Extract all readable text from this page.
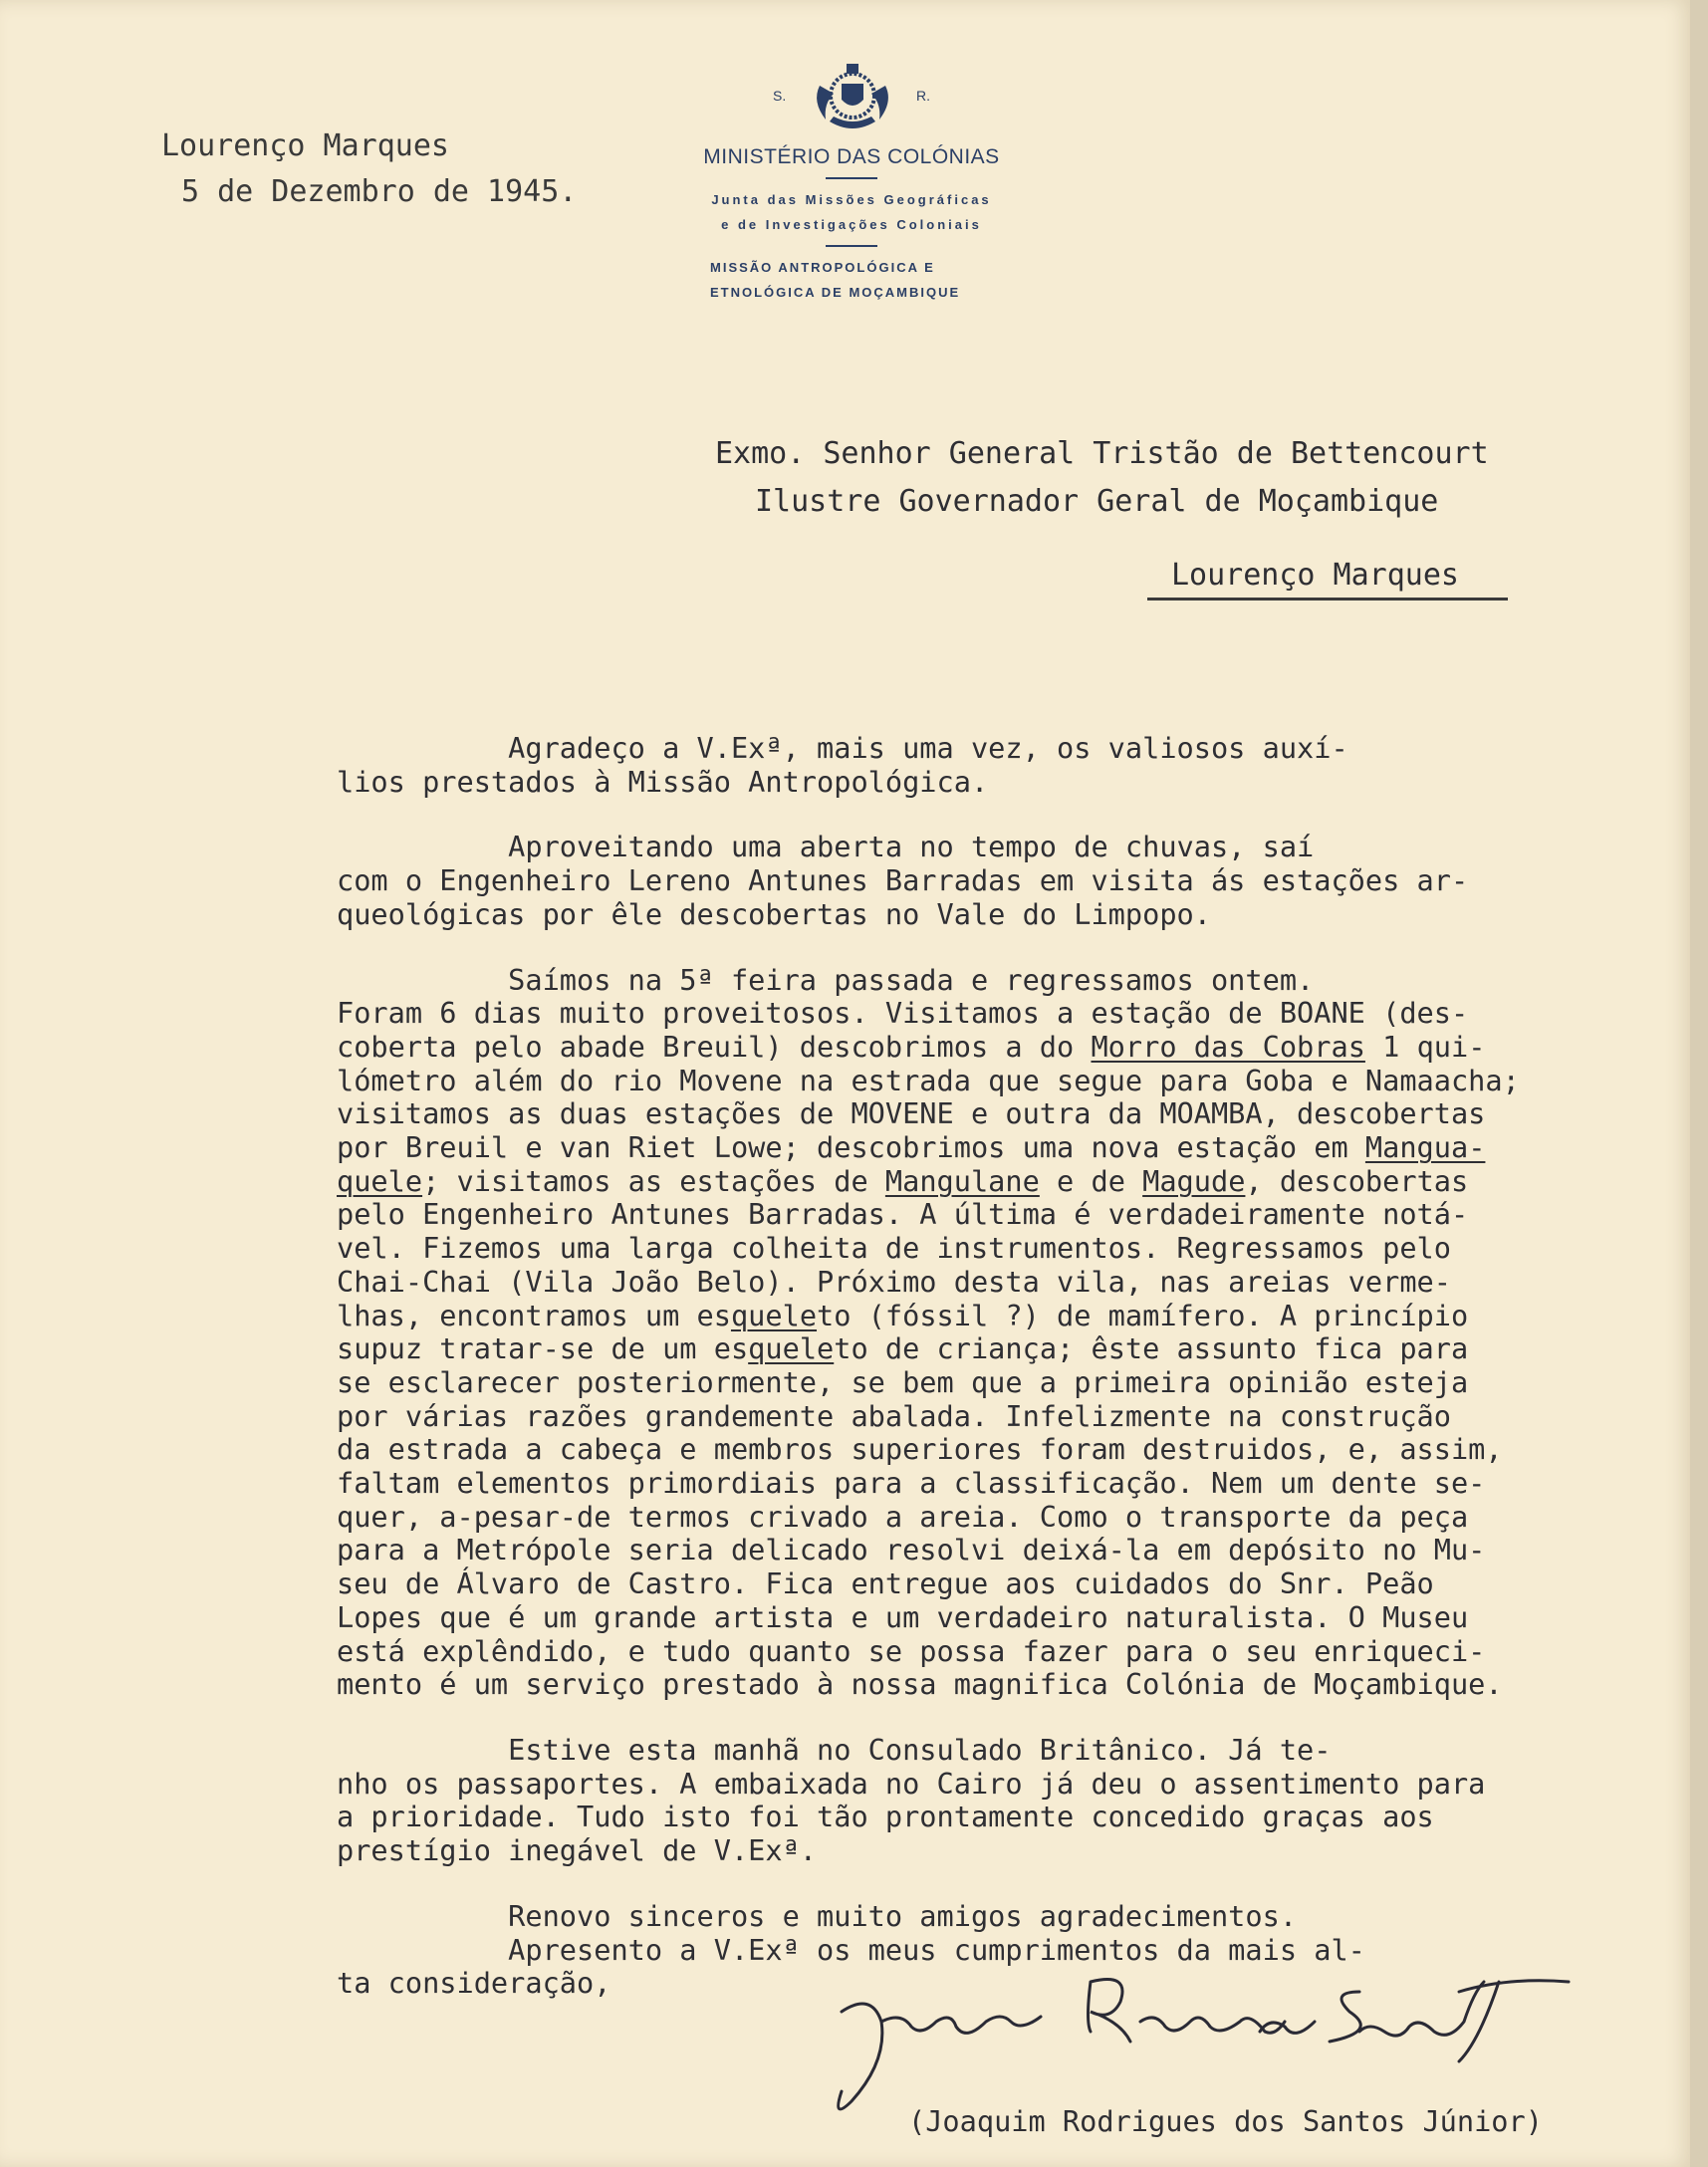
Lourenço Marques
5 de Dezembro de 1945.
S.	R.
MINISTÉRIO DAS COLÓNIAS
Junta das Missões Geográficas
e de Investigações Coloniais
MISSÃO ANTROPOLÓGICA E
ETNOLÓGICA DE MOÇAMBIQUE
Exmo. Senhor General Tristão de Bettencourt
Ilustre Governador Geral de Moçambique
Lourenço Marques

Agradeço a V.Exª, mais uma vez, os valiosos auxí-
lios prestados à Missão Antropológica.

Aproveitando uma aberta no tempo de chuvas, saí
com o Engenheiro Lereno Antunes Barradas em visita ás estações ar-
queológicas por êle descobertas no Vale do Limpopo.

Saímos na 5ª feira passada e regressamos ontem.
Foram 6 dias muito proveitosos. Visitamos a estação de BOANE (des-
coberta pelo abade Breuil) descobrimos a do Morro das Cobras 1 qui-
lómetro além do rio Movene na estrada que segue para Goba e Namaacha;
visitamos as duas estações de MOVENE e outra da MOAMBA, descobertas
por Breuil e van Riet Lowe; descobrimos uma nova estação em Mangua-
quele; visitamos as estações de Mangulane e de Magude, descobertas
pelo Engenheiro Antunes Barradas. A última é verdadeiramente notá-
vel. Fizemos uma larga colheita de instrumentos. Regressamos pelo
Chai-Chai (Vila João Belo). Próximo desta vila, nas areias verme-
lhas, encontramos um esqueleto (fóssil ?) de mamífero. A princípio
supuz tratar-se de um esqueleto de criança; êste assunto fica para
se esclarecer posteriormente, se bem que a primeira opinião esteja
por várias razões grandemente abalada. Infelizmente na construção
da estrada a cabeça e membros superiores foram destruidos, e, assim,
faltam elementos primordiais para a classificação. Nem um dente se-
quer, a-pesar-de termos crivado a areia. Como o transporte da peça
para a Metrópole seria delicado resolvi deixá-la em depósito no Mu-
seu de Álvaro de Castro. Fica entregue aos cuidados do Snr. Peão
Lopes que é um grande artista e um verdadeiro naturalista. O Museu
está explêndido, e tudo quanto se possa fazer para o seu enriqueci-
mento é um serviço prestado à nossa magnifica Colónia de Moçambique.

Estive esta manhã no Consulado Britânico. Já te-
nho os passaportes. A embaixada no Cairo já deu o assentimento para
a prioridade. Tudo isto foi tão prontamente concedido graças aos
prestígio inegável de V.Exª.

Renovo sinceros e muito amigos agradecimentos.
Apresento a V.Exª os meus cumprimentos da mais al-
ta consideração,

(Joaquim Rodrigues dos Santos Júnior)
